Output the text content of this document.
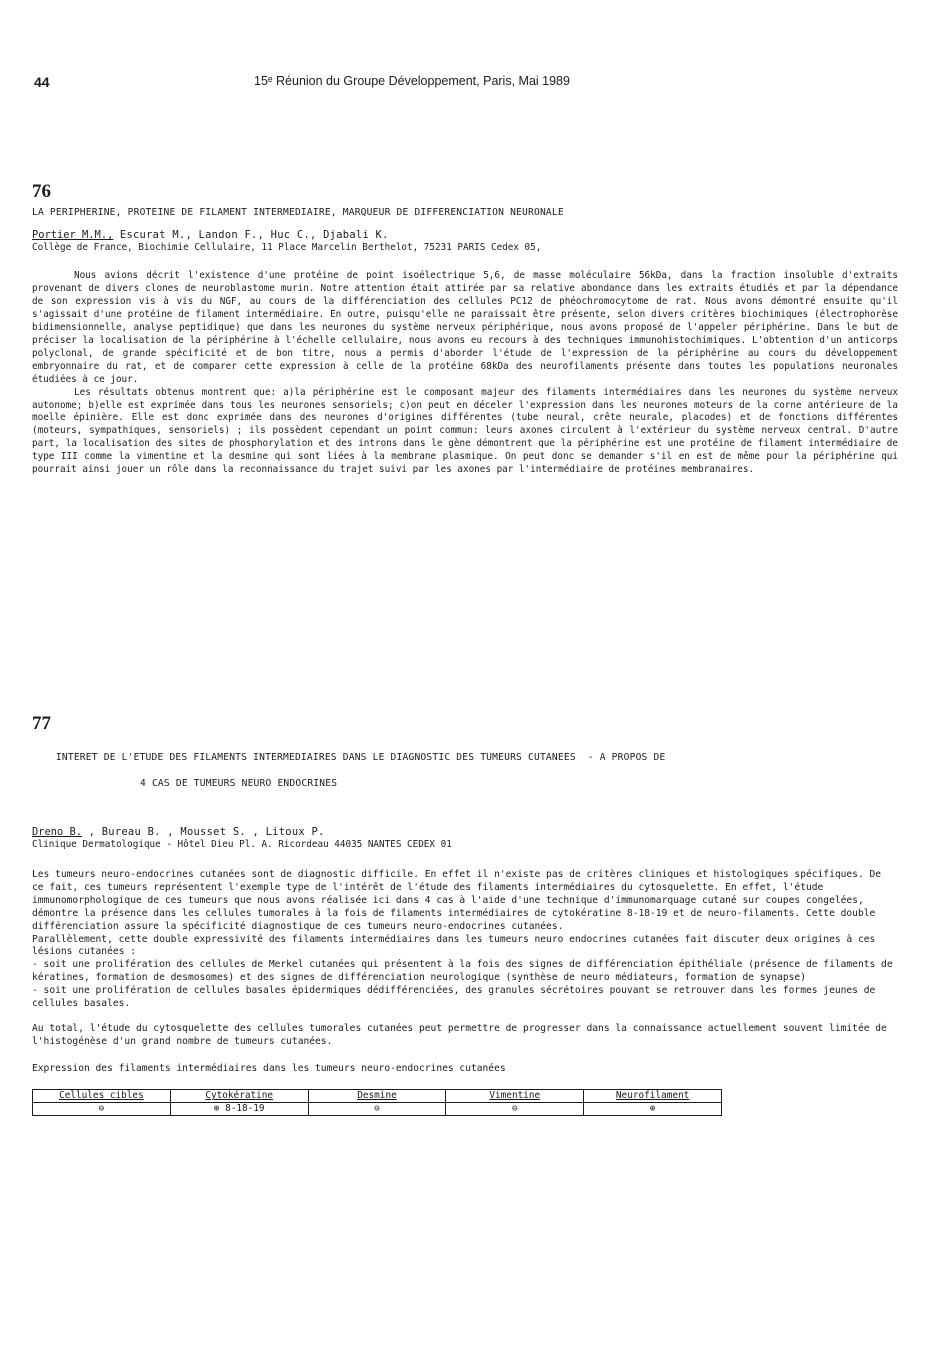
44	15ᵉ Réunion du Groupe Développement, Paris, Mai 1989
76
LA PERIPHERINE, PROTEINE DE FILAMENT INTERMEDIAIRE, MARQUEUR DE DIFFERENCIATION NEURONALE
Portier M.M., Escurat M., Landon F., Huc C., Djabali K.
Collège de France, Biochimie Cellulaire, 11 Place Marcelin Berthelot, 75231 PARIS Cedex 05,

Nous avions décrit l'existence d'une protéine de point isoélectrique 5,6, de masse moléculaire 56kDa, dans la fraction insoluble d'extraits provenant de divers clones de neuroblastome murin. Notre attention était attirée par sa relative abondance dans les extraits étudiés et par la dépendance de son expression vis à vis du NGF, au cours de la différenciation des cellules PC12 de phéochromocytome de rat. Nous avons démontré ensuite qu'il s'agissait d'une protéine de filament intermédiaire. En outre, puisqu'elle ne paraissait être présente, selon divers critères biochimiques (électrophorèse bidimensionnelle, analyse peptidique) que dans les neurones du système nerveux périphérique, nous avons proposé de l'appeler périphérine. Dans le but de préciser la localisation de la périphérine à l'échelle cellulaire, nous avons eu recours à des techniques immunohistochimiques. L'obtention d'un anticorps polyclonal, de grande spécificité et de bon titre, nous a permis d'aborder l'étude de l'expression de la périphérine au cours du développement embryonnaire du rat, et de comparer cette expression à celle de la protéine 68kDa des neurofilaments présente dans toutes les populations neuronales étudiées à ce jour.

Les résultats obtenus montrent que: a)la périphérine est le composant majeur des filaments intermédiaires dans les neurones du système nerveux autonome; b)elle est exprimée dans tous les neurones sensoriels; c)on peut en déceler l'expression dans les neurones moteurs de la corne antérieure de la moelle épinière. Elle est donc exprimée dans des neurones d'origines différentes (tube neural, crête neurale, placodes) et de fonctions différentes (moteurs, sympathiques, sensoriels) ; ils possèdent cependant un point commun: leurs axones circulent à l'extérieur du système nerveux central. D'autre part, la localisation des sites de phosphorylation et des introns dans le gène démontrent que la périphérine est une protéine de filament intermédiaire de type III comme la vimentine et la desmine qui sont liées à la membrane plasmique. On peut donc se demander s'il en est de même pour la périphérine qui pourrait ainsi jouer un rôle dans la reconnaissance du trajet suivi par les axones par l'intermédiaire de protéines membranaires.

77

INTERET DE L'ETUDE DES FILAMENTS INTERMEDIAIRES DANS LE DIAGNOSTIC DES TUMEURS CUTANEES  - A PROPOS DE

4 CAS DE TUMEURS NEURO ENDOCRINES

Dreno B. , Bureau B. , Mousset S. , Litoux P.
Clinique Dermatologique - Hôtel Dieu Pl. A. Ricordeau 44035 NANTES CEDEX 01

Les tumeurs neuro-endocrines cutanées sont de diagnostic difficile. En effet il n'existe pas de critères cliniques et histologiques spécifiques. De ce fait, ces tumeurs représentent l'exemple type de l'intérêt de l'étude des filaments intermédiaires du cytosquelette. En effet, l'étude immunomorphologique de ces tumeurs que nous avons réalisée ici dans 4 cas à l'aide d'une technique d'immunomarquage cutané sur coupes congelées, démontre la présence dans les cellules tumorales à la fois de filaments intermédiaires de cytokératine 8-18-19 et de neuro-filaments. Cette double différenciation assure la spécificité diagnostique de ces tumeurs neuro-endocrines cutanées.

Parallèlement, cette double expressivité des filaments intermédiaires dans les tumeurs neuro endocrines cutanées fait discuter deux origines à ces lésions cutanées :

- soit une prolifération des cellules de Merkel cutanées qui présentent à la fois des signes de différenciation épithéliale (présence de filaments de kératines, formation de desmosomes) et des signes de différenciation neurologique (synthèse de neuro médiateurs, formation de synapse)

- soit une prolifération de cellules basales épidermiques dédifférenciées, des granules sécrétoires pouvant se retrouver dans les formes jeunes de cellules basales.

Au total, l'étude du cytosquelette des cellules tumorales cutanées peut permettre de progresser dans la connaissance actuellement souvent limitée de l'histogénèse d'un grand nombre de tumeurs cutanées.

Expression des filaments intermédiaires dans les tumeurs neuro-endocrines cutanées
Cellules cibles	Cytokératine	Desmine	Vimentine	Neurofilament
⊖	⊕ 8-18-19	⊖	⊖	⊕
